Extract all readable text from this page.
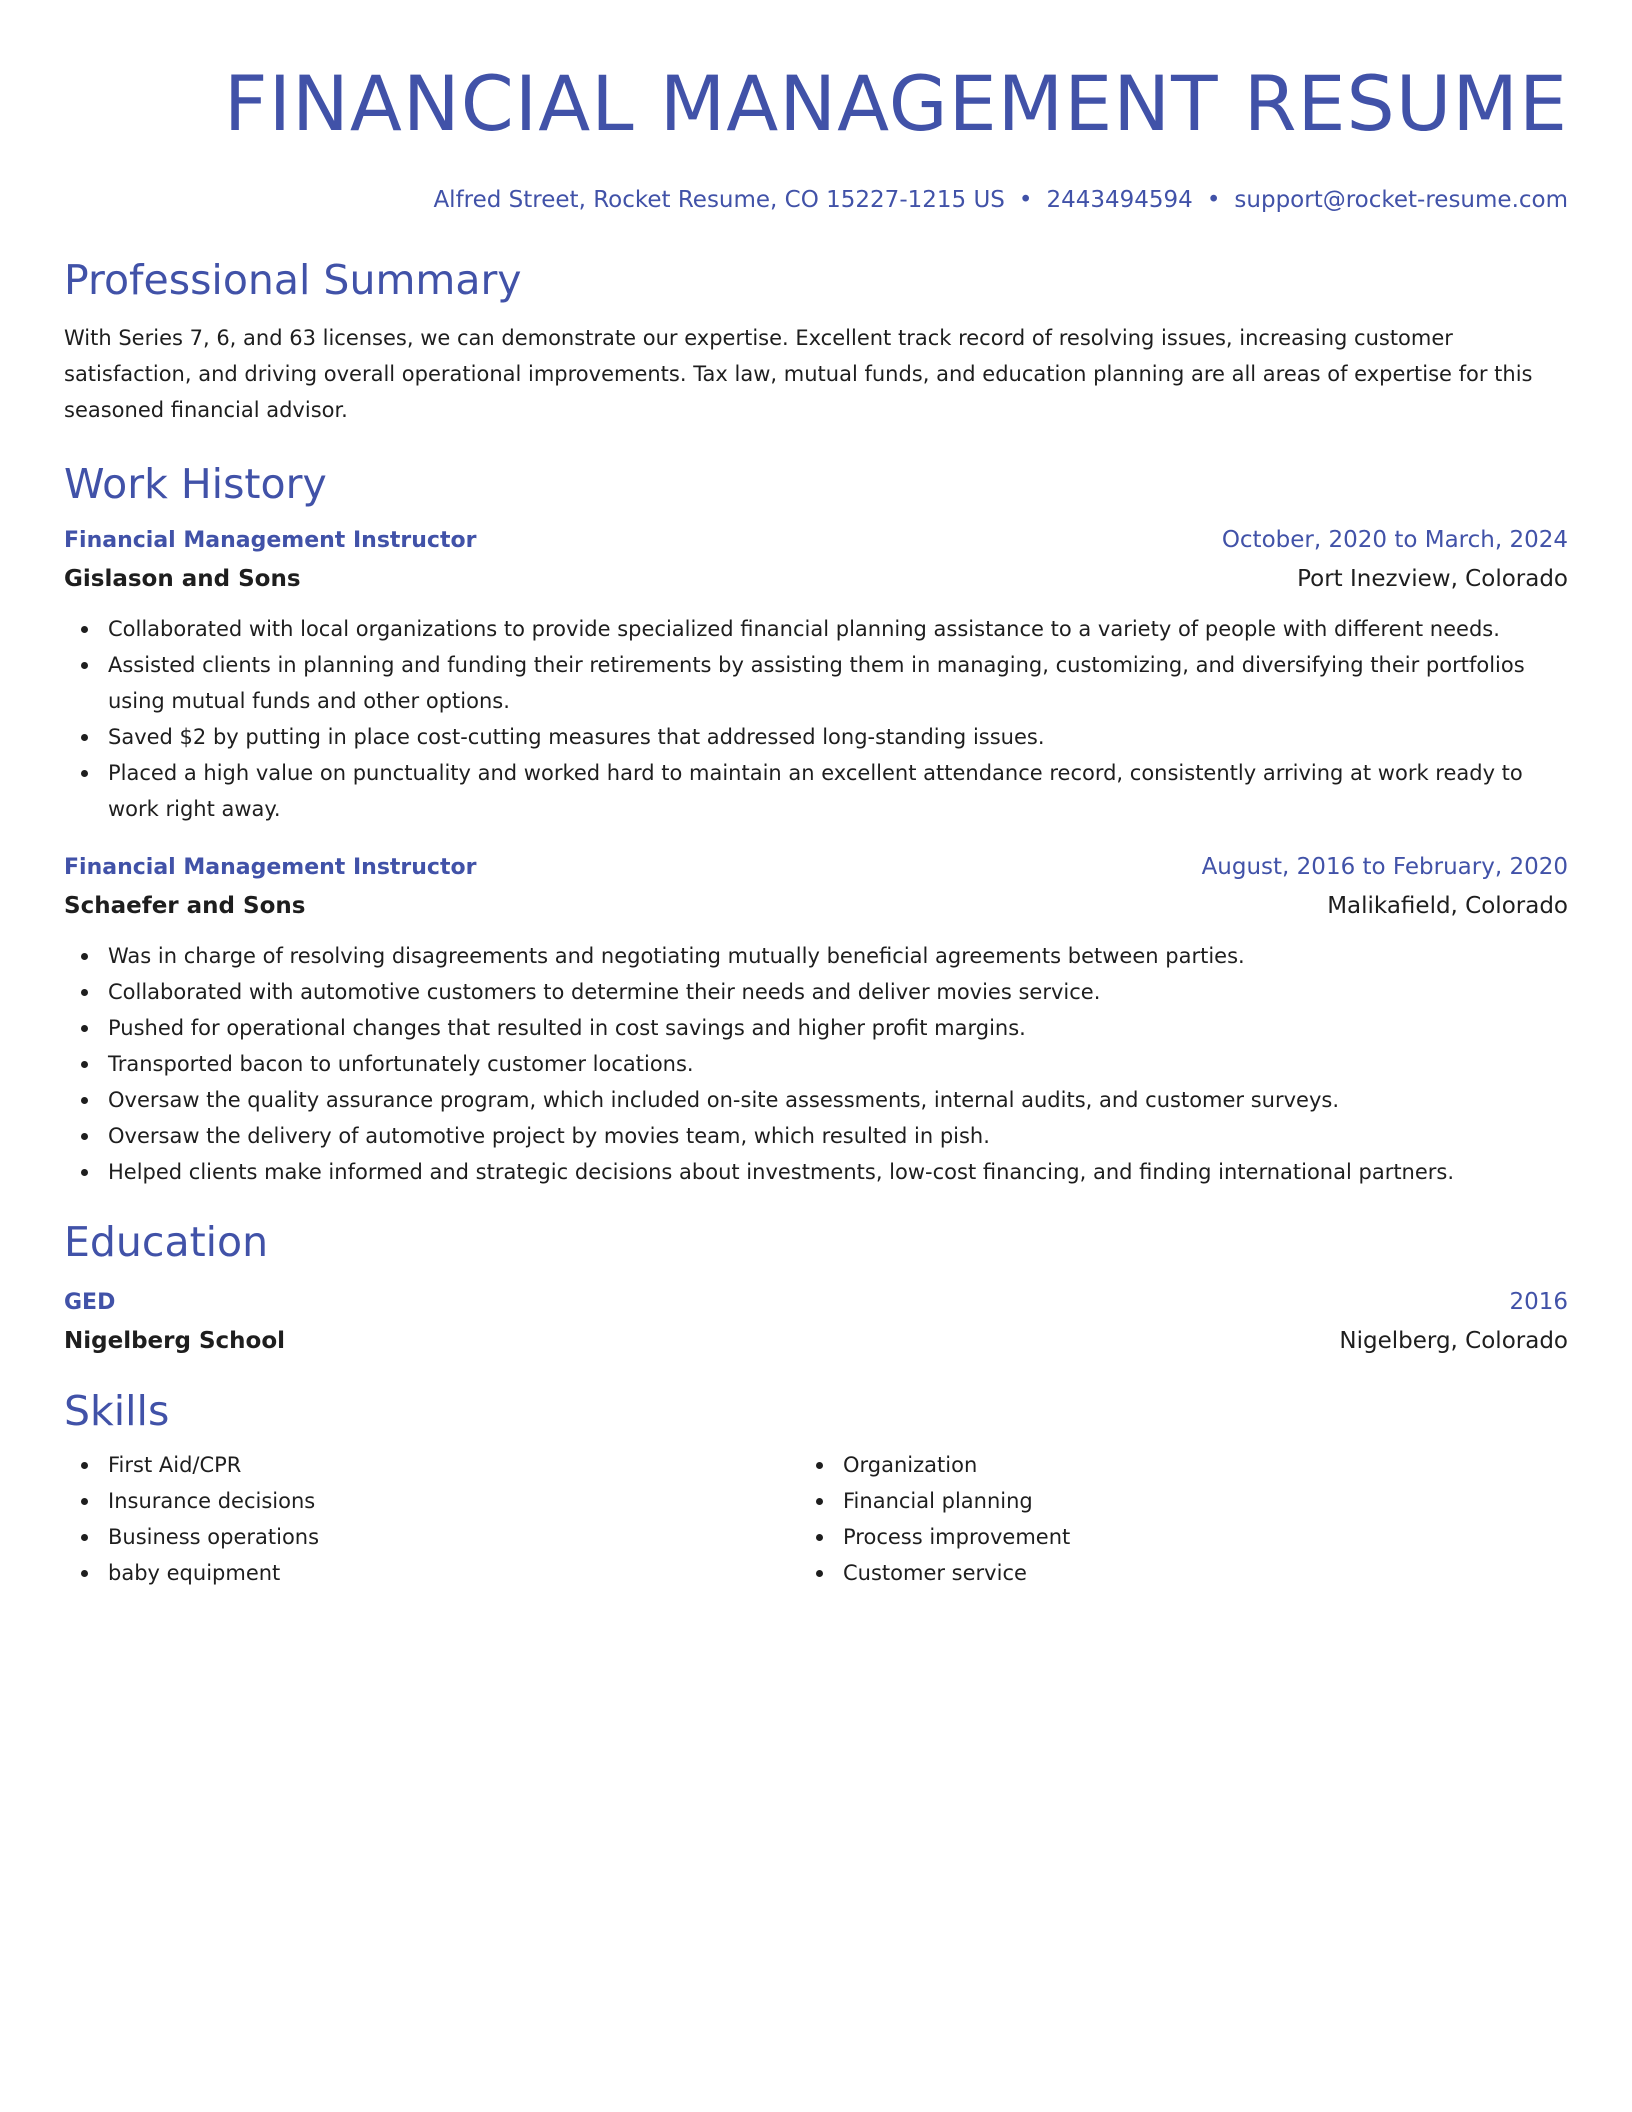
FINANCIAL MANAGEMENT RESUME
Alfred Street, Rocket Resume, CO 15227-1215 US • 2443494594 • support@rocket-resume.com
Professional Summary
With Series 7, 6, and 63 licenses, we can demonstrate our expertise. Excellent track record of resolving issues, increasing customer satisfaction, and driving overall operational improvements. Tax law, mutual funds, and education planning are all areas of expertise for this seasoned financial advisor.
Work History
Financial Management Instructor	October, 2020 to March, 2024
Gislason and Sons	Port Inezview, Colorado
Collaborated with local organizations to provide specialized financial planning assistance to a variety of people with different needs.
Assisted clients in planning and funding their retirements by assisting them in managing, customizing, and diversifying their portfolios using mutual funds and other options.
Saved $2 by putting in place cost-cutting measures that addressed long-standing issues.
Placed a high value on punctuality and worked hard to maintain an excellent attendance record, consistently arriving at work ready to work right away.
Financial Management Instructor	August, 2016 to February, 2020
Schaefer and Sons	Malikafield, Colorado
Was in charge of resolving disagreements and negotiating mutually beneficial agreements between parties.
Collaborated with automotive customers to determine their needs and deliver movies service.
Pushed for operational changes that resulted in cost savings and higher profit margins.
Transported bacon to unfortunately customer locations.
Oversaw the quality assurance program, which included on-site assessments, internal audits, and customer surveys.
Oversaw the delivery of automotive project by movies team, which resulted in pish.
Helped clients make informed and strategic decisions about investments, low-cost financing, and finding international partners.
Education
GED	2016
Nigelberg School	Nigelberg, Colorado
Skills
First Aid/CPR
Insurance decisions
Business operations
baby equipment
Organization
Financial planning
Process improvement
Customer service
